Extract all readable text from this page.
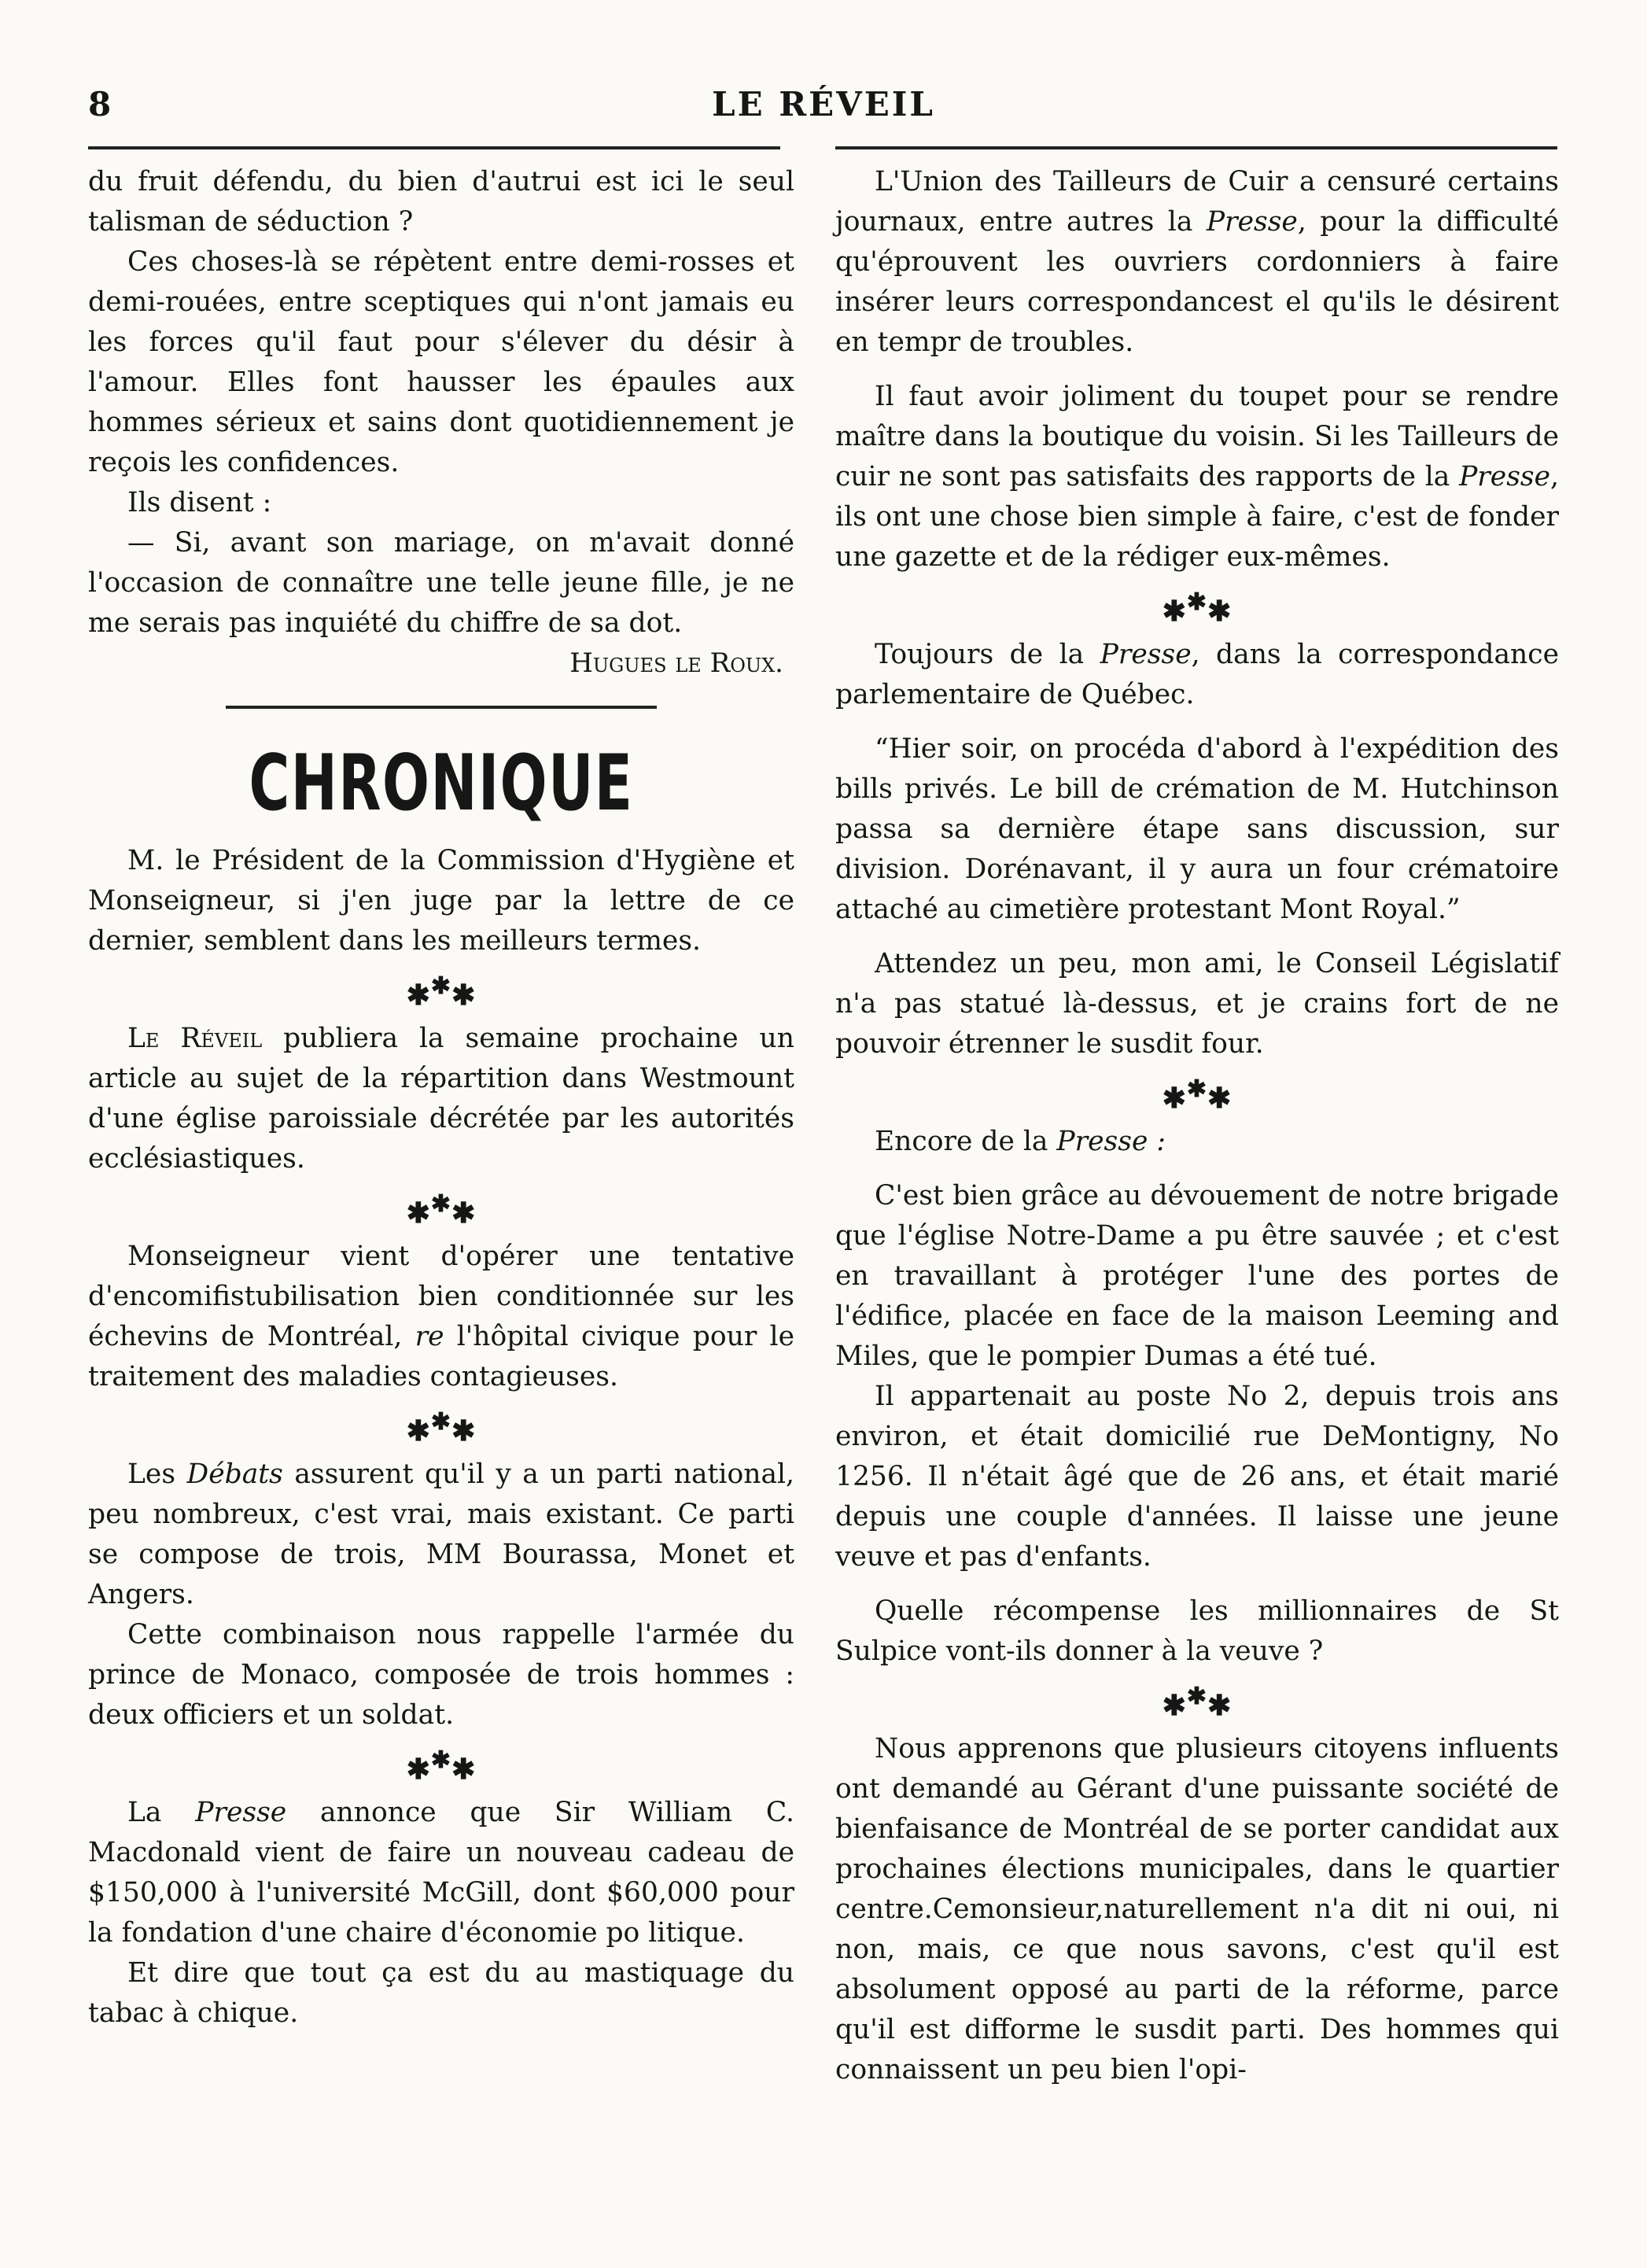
8	LE RÉVEIL

du fruit défendu, du bien d'autrui est ici le seul talisman de séduction ?

Ces choses-là se répètent entre demi-rosses et demi-rouées, entre sceptiques qui n'ont jamais eu les forces qu'il faut pour s'élever du désir à l'amour. Elles font hausser les épaules aux hommes sérieux et sains dont quotidiennement je reçois les confidences.

Ils disent :

— Si, avant son mariage, on m'avait donné l'occasion de connaître une telle jeune fille, je ne me serais pas inquiété du chiffre de sa dot.

Hugues le Roux.
CHRONIQUE

M. le Président de la Commission d'Hygiène et Monseigneur, si j'en juge par la lettre de ce dernier, semblent dans les meilleurs termes.

✱✱✱

Le Réveil publiera la semaine prochaine un article au sujet de la répartition dans Westmount d'une église paroissiale décrétée par les autorités ecclésiastiques.

✱✱✱

Monseigneur vient d'opérer une tentative d'encomifistubilisation bien conditionnée sur les échevins de Montréal, re l'hôpital civique pour le traitement des maladies contagieuses.

✱✱✱

Les Débats assurent qu'il y a un parti national, peu nombreux, c'est vrai, mais existant. Ce parti se compose de trois, MM Bourassa, Monet et Angers.

Cette combinaison nous rappelle l'armée du prince de Monaco, composée de trois hommes : deux officiers et un soldat.

✱✱✱

La Presse annonce que Sir William C. Macdonald vient de faire un nouveau cadeau de $150,000 à l'université McGill, dont $60,000 pour la fondation d'une chaire d'économie po litique.

Et dire que tout ça est du au mastiquage du tabac à chique.

L'Union des Tailleurs de Cuir a censuré certains journaux, entre autres la Presse, pour la difficulté qu'éprouvent les ouvriers cordonniers à faire insérer leurs correspondancest el qu'ils le désirent en tempr de troubles.

Il faut avoir joliment du toupet pour se rendre maître dans la boutique du voisin. Si les Tailleurs de cuir ne sont pas satisfaits des rapports de la Presse, ils ont une chose bien simple à faire, c'est de fonder une gazette et de la rédiger eux-mêmes.

✱✱✱

Toujours de la Presse, dans la correspondance parlementaire de Québec.

“Hier soir, on procéda d'abord à l'expédition des bills privés. Le bill de crémation de M. Hutchinson passa sa dernière étape sans discussion, sur division. Dorénavant, il y aura un four crématoire attaché au cimetière protestant Mont Royal.”

Attendez un peu, mon ami, le Conseil Législatif n'a pas statué là-dessus, et je crains fort de ne pouvoir étrenner le susdit four.

✱✱✱

Encore de la Presse :

C'est bien grâce au dévouement de notre brigade que l'église Notre-Dame a pu être sauvée ; et c'est en travaillant à protéger l'une des portes de l'édifice, placée en face de la maison Leeming and Miles, que le pompier Dumas a été tué.

Il appartenait au poste No 2, depuis trois ans environ, et était domicilié rue DeMontigny, No 1256. Il n'était âgé que de 26 ans, et était marié depuis une couple d'années. Il laisse une jeune veuve et pas d'enfants.

Quelle récompense les millionnaires de St Sulpice vont-ils donner à la veuve ?

✱✱✱

Nous apprenons que plusieurs citoyens influents ont demandé au Gérant d'une puissante société de bienfaisance de Montréal de se porter candidat aux prochaines élections municipales, dans le quartier centre.Cemonsieur,naturellement n'a dit ni oui, ni non, mais, ce que nous savons, c'est qu'il est absolument opposé au parti de la réforme, parce qu'il est difforme le susdit parti. Des hommes qui connaissent un peu bien l'opi-
